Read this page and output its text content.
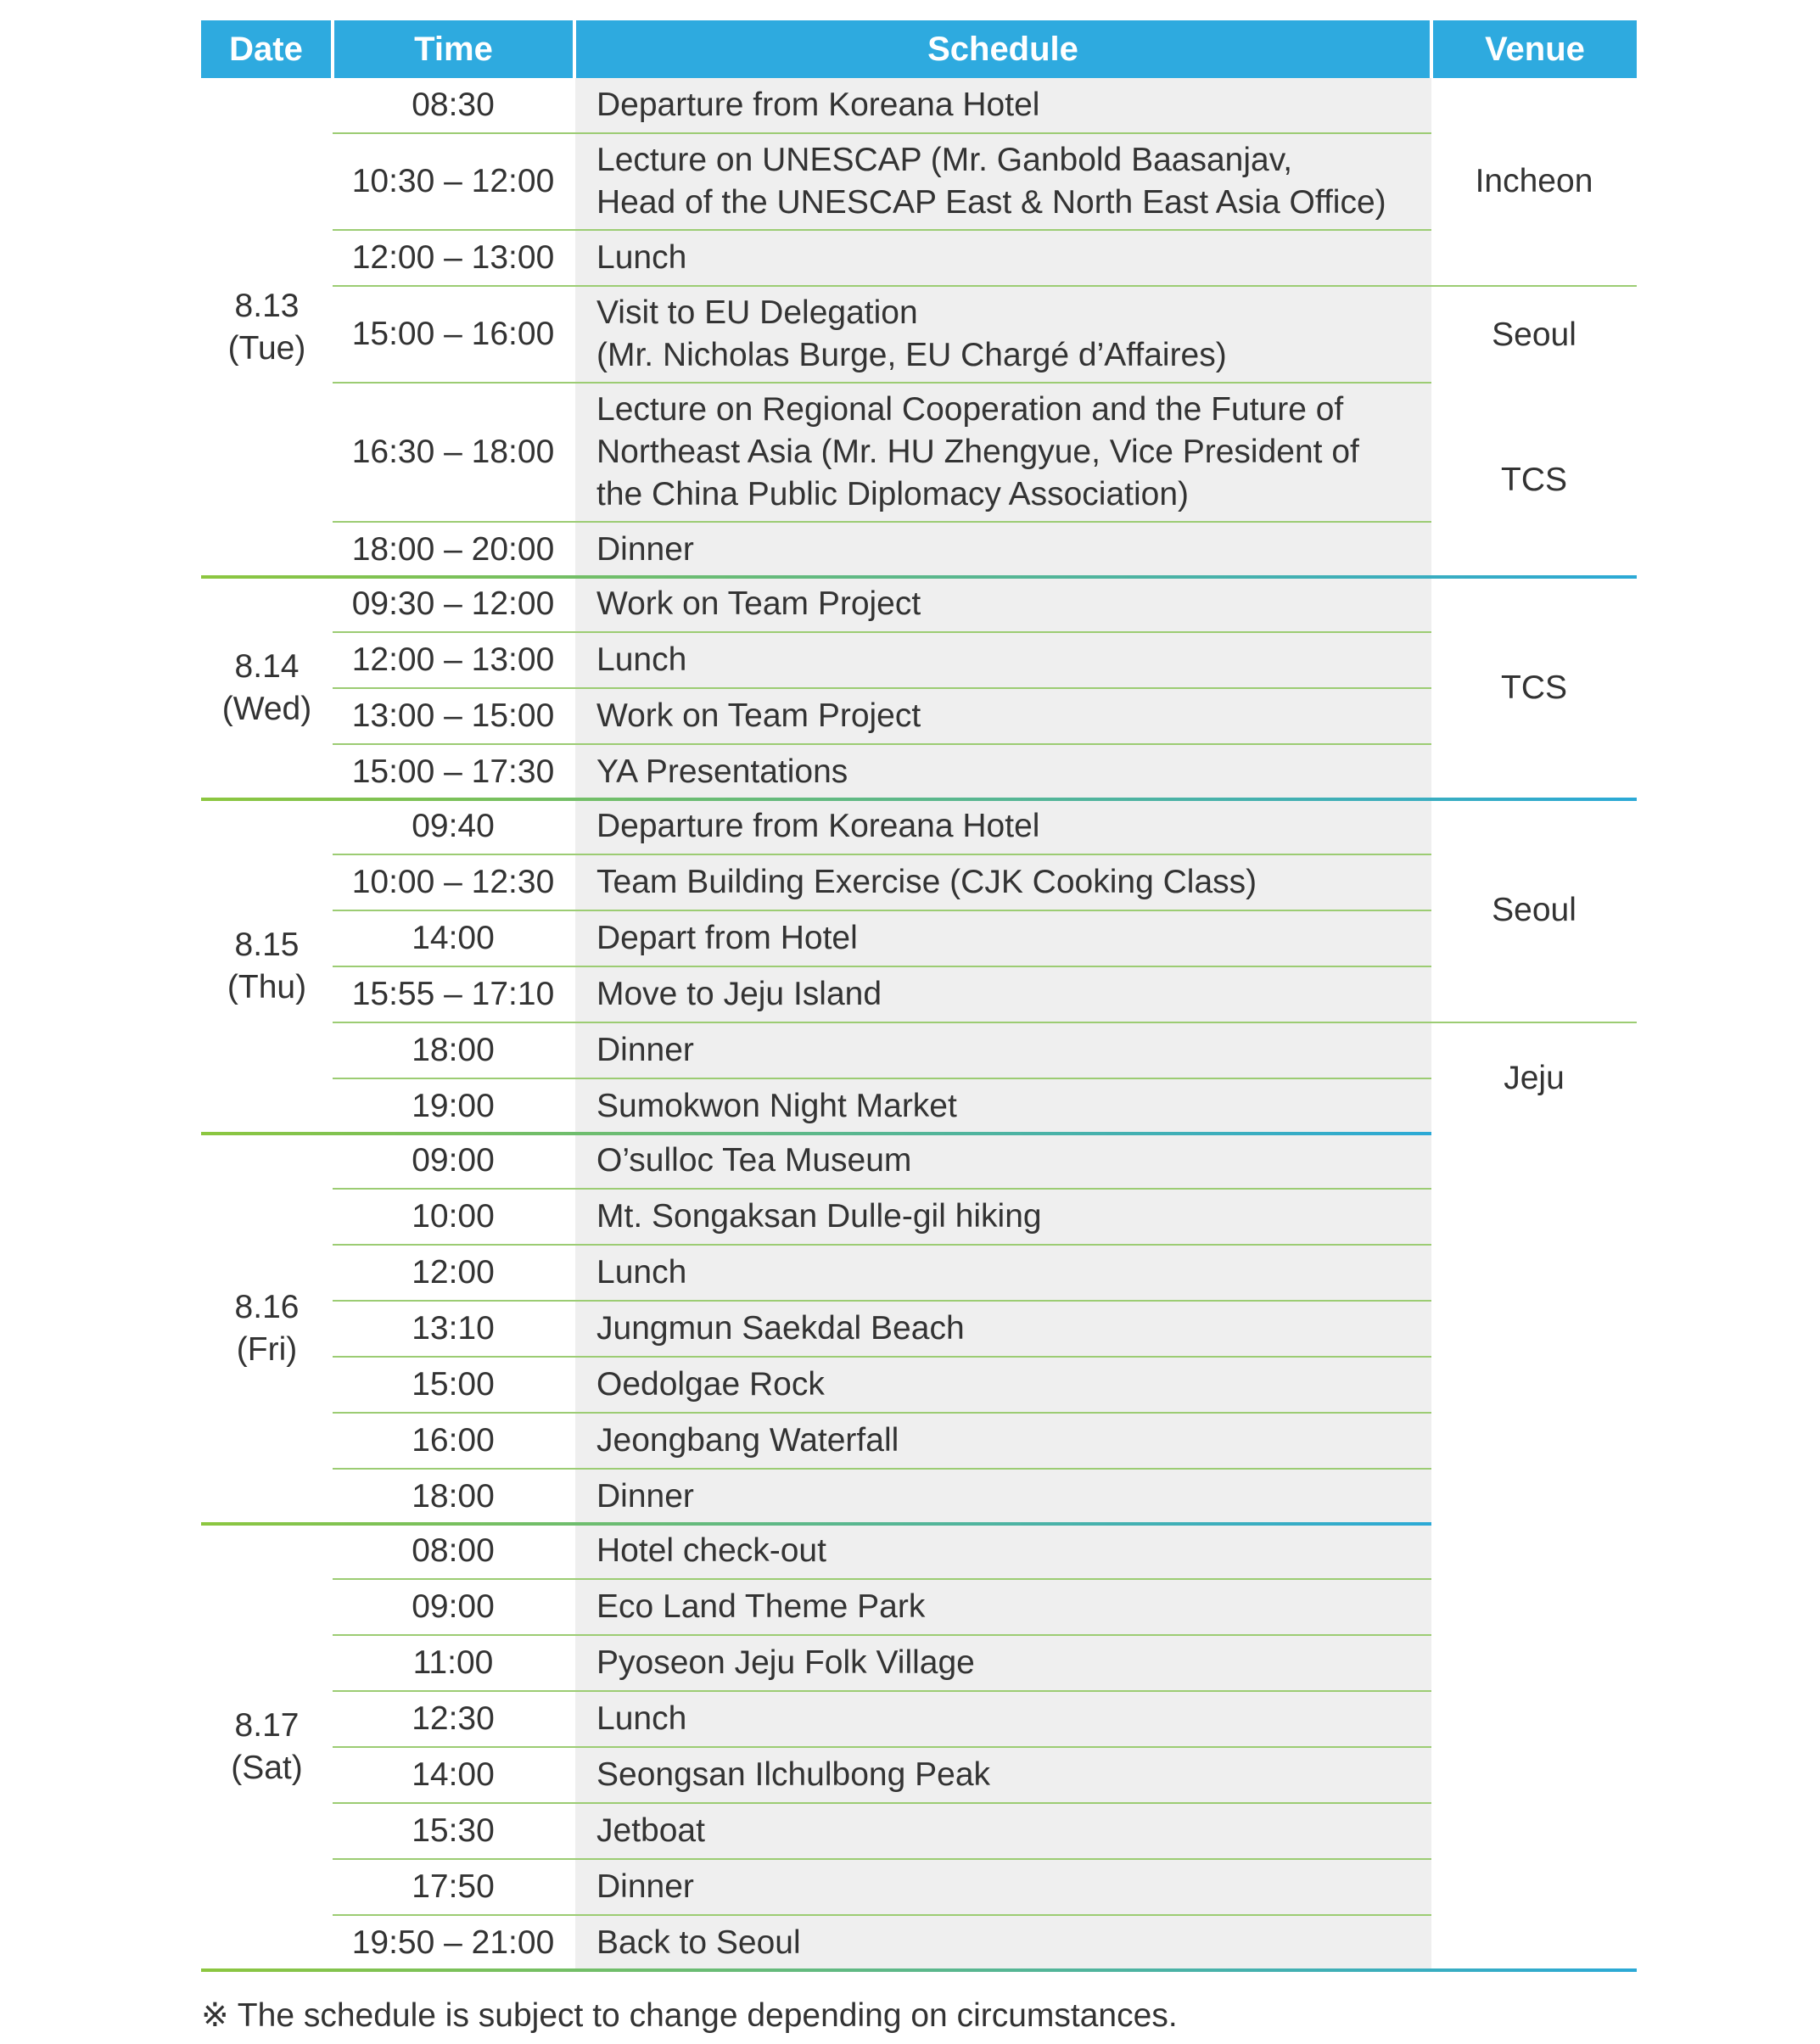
Date	Time	Schedule	Venue

8.13
(Tue)	08:30	Departure from Koreana Hotel	Incheon
	10:30 – 12:00	Lecture on UNESCAP (Mr. Ganbold Baasanjav,
Head of the UNESCAP East & North East Asia Office)	

	12:00 – 13:00	Lunch	

	15:00 – 16:00	Visit to EU Delegation
(Mr. Nicholas Burge, EU Chargé d’Affaires)	Seoul
	16:30 – 18:00	Lecture on Regional Cooperation and the Future of
Northeast Asia (Mr. HU Zhengyue, Vice President of
the China Public Diplomacy Association)	TCS
	18:00 – 20:00	Dinner	

8.14
(Wed)	09:30 – 12:00	Work on Team Project	TCS
	12:00 – 13:00	Lunch	

	13:00 – 15:00	Work on Team Project	

	15:00 – 17:30	YA Presentations	

8.15
(Thu)	09:40	Departure from Koreana Hotel	Seoul
	10:00 – 12:30	Team Building Exercise (CJK Cooking Class)	

	14:00	Depart from Hotel	

	15:55 – 17:10	Move to Jeju Island	

	18:00	Dinner	Jeju
	19:00	Sumokwon Night Market	

8.16
(Fri)	09:00	O’sulloc Tea Museum	

	10:00	Mt. Songaksan Dulle-gil hiking	

	12:00	Lunch	

	13:10	Jungmun Saekdal Beach	

	15:00	Oedolgae Rock	

	16:00	Jeongbang Waterfall	

	18:00	Dinner	

8.17
(Sat)	08:00	Hotel check-out	

	09:00	Eco Land Theme Park	

	11:00	Pyoseon Jeju Folk Village	

	12:30	Lunch	

	14:00	Seongsan Ilchulbong Peak	

	15:30	Jetboat	

	17:50	Dinner	

	19:50 – 21:00	Back to Seoul	
※ The schedule is subject to change depending on circumstances.
